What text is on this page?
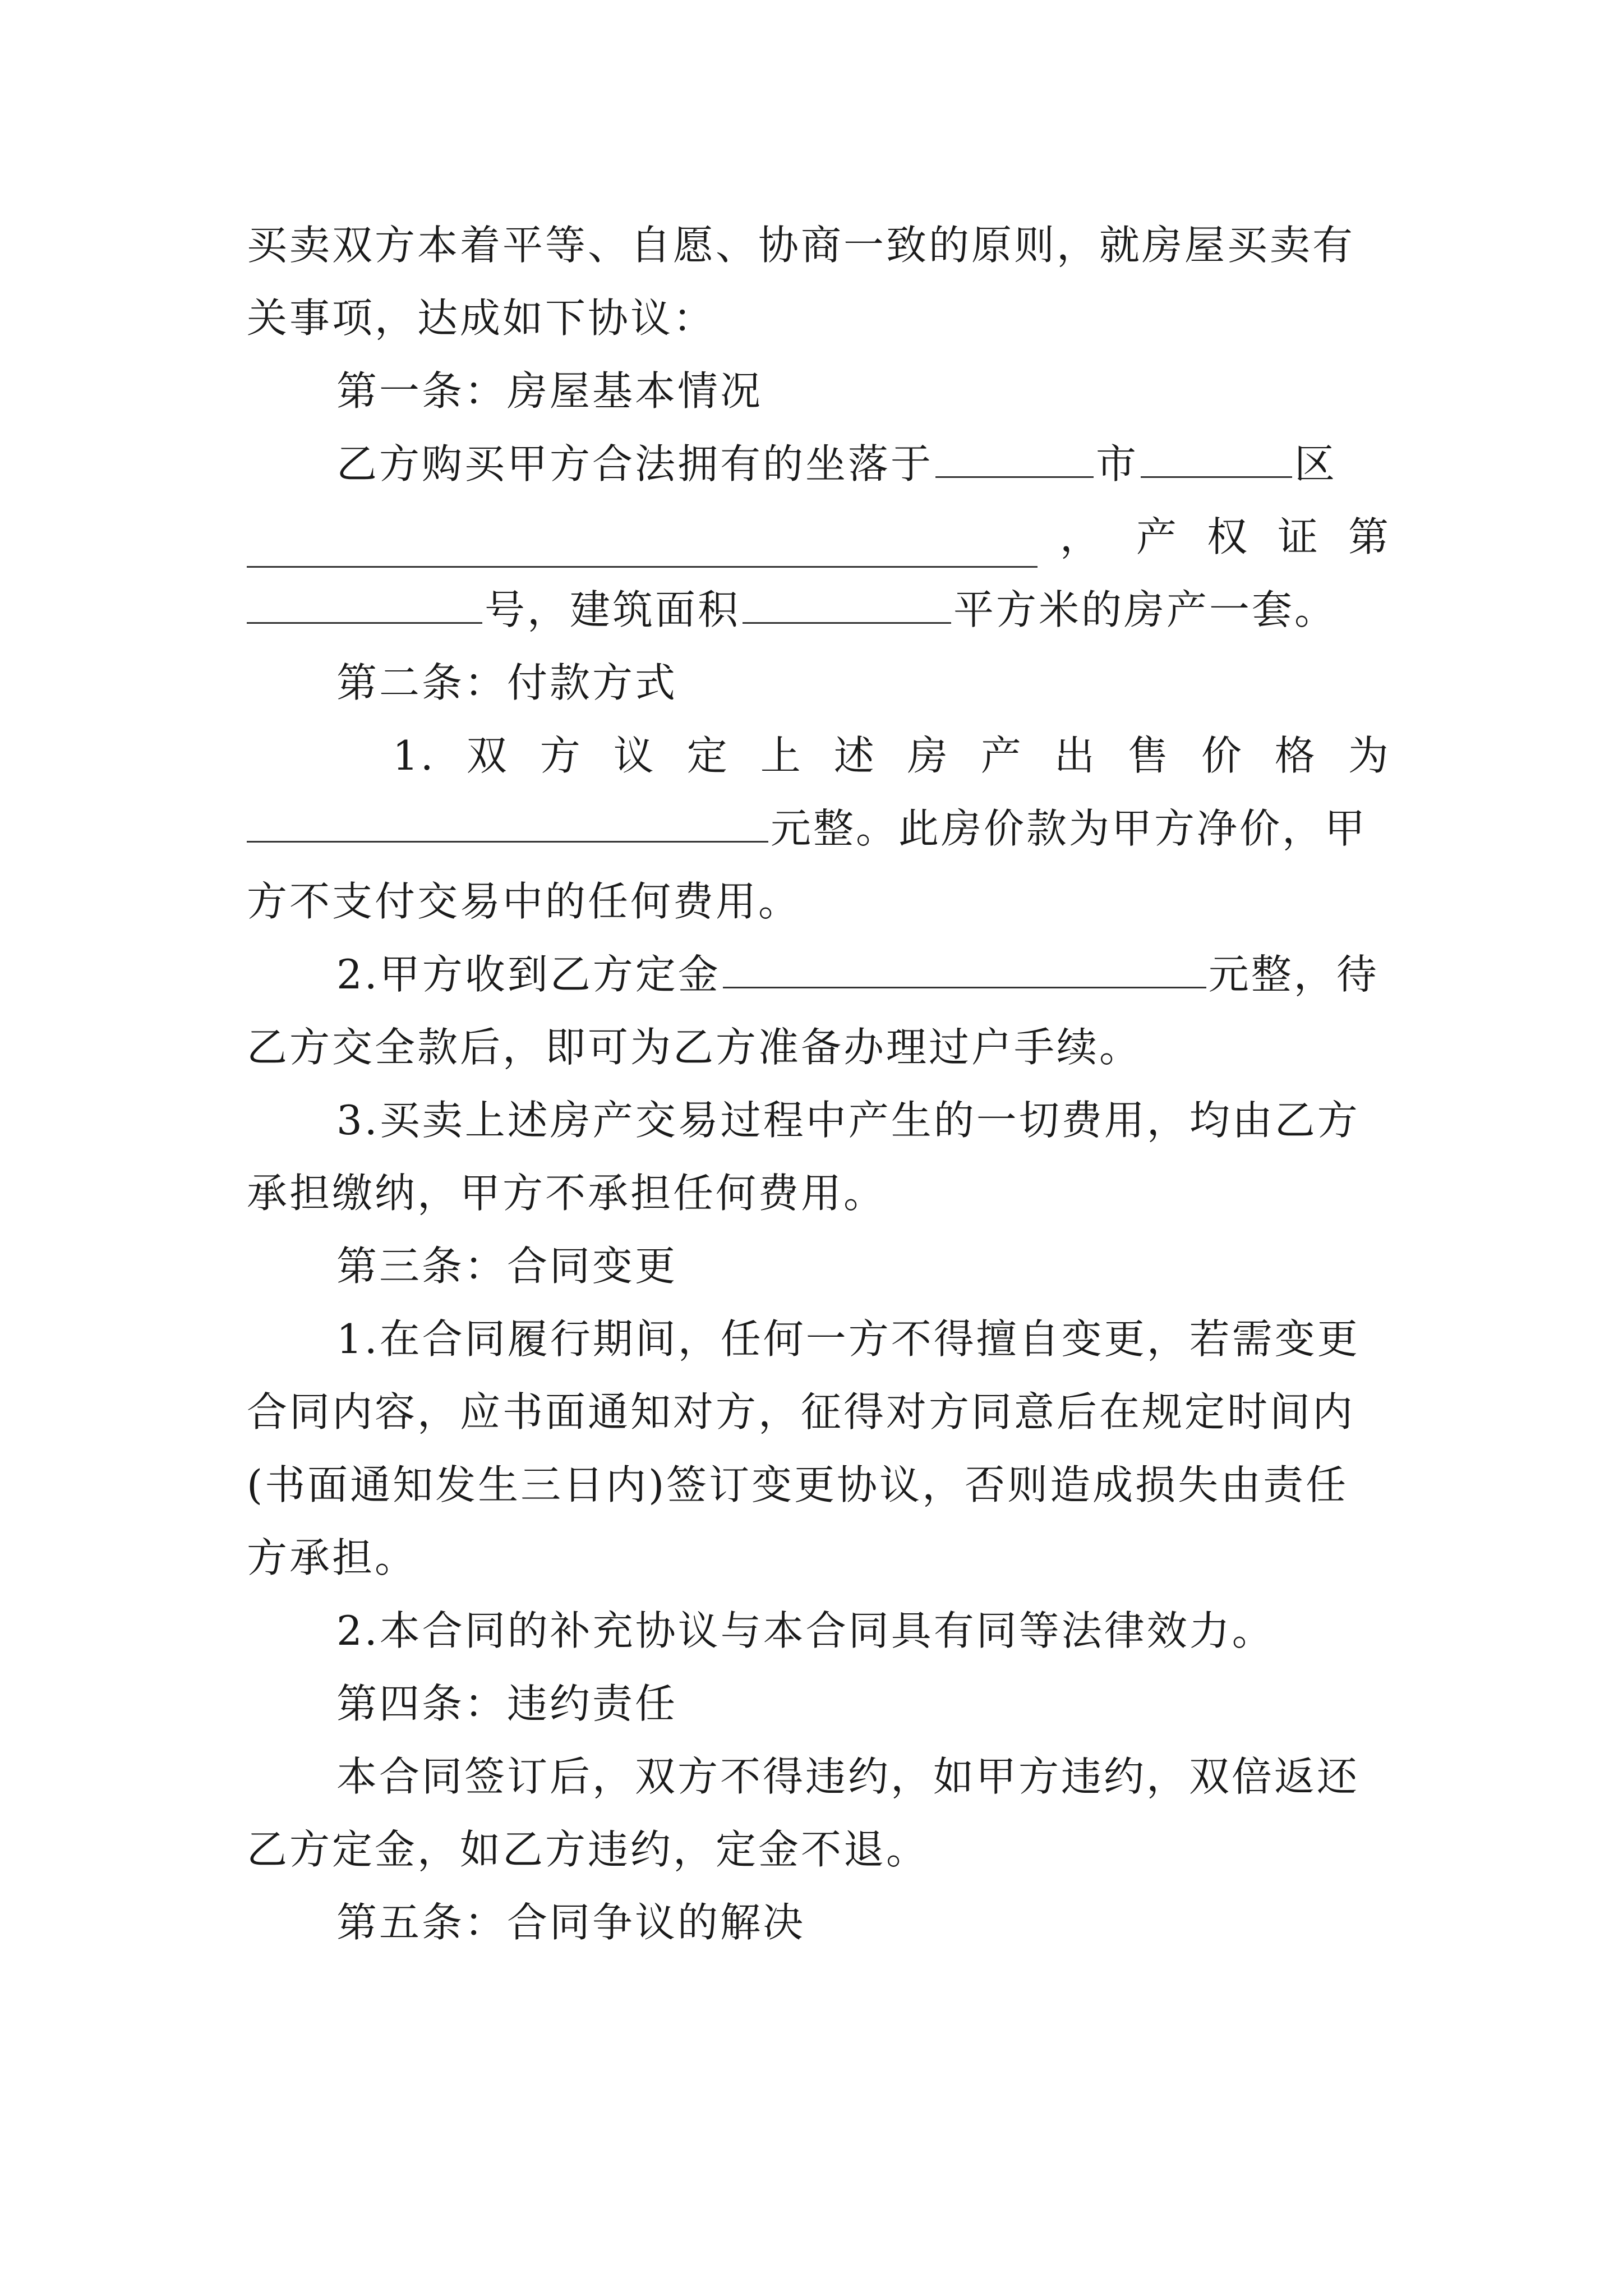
买卖双方本着平等、自愿、协商一致的原则，就房屋买卖有
关事项，达成如下协议：
第一条：房屋基本情况
乙方购买甲方合法拥有的坐落于	市	区
， 产 权 证 第
号，建筑面积	平方米的房产一套。
第二条：付款方式
1. 双 方 议 定 上 述 房 产 出 售 价 格 为
元整。此房价款为甲方净价，甲
方不支付交易中的任何费用。
2.甲方收到乙方定金	元整，待
乙方交全款后，即可为乙方准备办理过户手续。
3.买卖上述房产交易过程中产生的一切费用，均由乙方
承担缴纳，甲方不承担任何费用。
第三条：合同变更
1.在合同履行期间，任何一方不得擅自变更，若需变更
合同内容，应书面通知对方，征得对方同意后在规定时间内
(书面通知发生三日内)签订变更协议，否则造成损失由责任
方承担。
2.本合同的补充协议与本合同具有同等法律效力。
第四条：违约责任
本合同签订后，双方不得违约，如甲方违约，双倍返还
乙方定金，如乙方违约，定金不退。
第五条：合同争议的解决
